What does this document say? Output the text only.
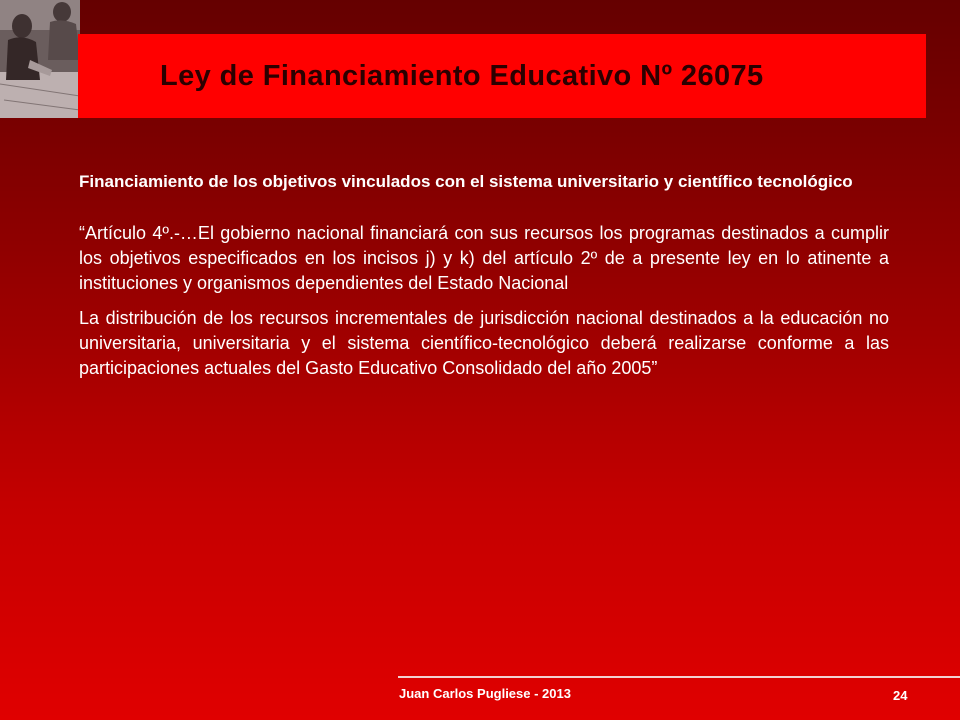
Ley de Financiamiento Educativo Nº 26075

Financiamiento de los objetivos vinculados con el sistema universitario y científico tecnológico

“Artículo 4º.-…El gobierno nacional financiará con sus recursos los programas destinados a cumplir los objetivos especificados en los incisos j) y k) del artículo 2º de a presente ley en lo atinente a instituciones y organismos dependientes del Estado Nacional

La distribución de los recursos incrementales de jurisdicción nacional destinados a la educación no universitaria, universitaria y el sistema científico-tecnológico deberá realizarse conforme a las participaciones actuales del Gasto Educativo Consolidado del año 2005”

Juan Carlos Pugliese - 2013	24
